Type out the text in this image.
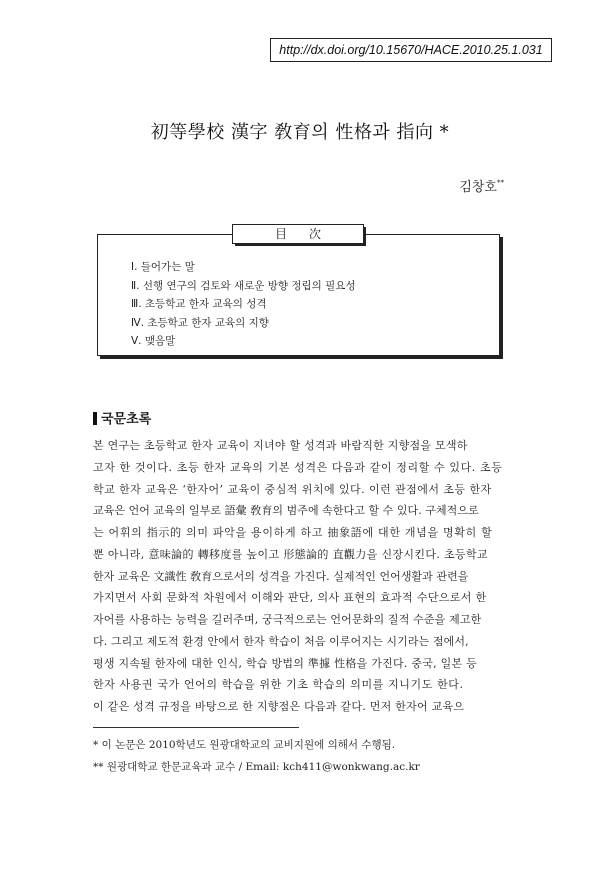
http://dx.doi.org/10.15670/HACE.2010.25.1.031
初等學校 漢字 敎育의 性格과 指向 *
김창호**
目次
Ⅰ. 들어가는 말
Ⅱ. 선행 연구의 검토와 새로운 방향 정립의 필요성
Ⅲ. 초등학교 한자 교육의 성격
Ⅳ. 초등학교 한자 교육의 지향
Ⅴ. 맺음말
국문초록
본 연구는 초등학교 한자 교육이 지녀야 할 성격과 바람직한 지향점을 모색하
고자 한 것이다. 초등 한자 교육의 기본 성격은 다음과 같이 정리할 수 있다. 초등
학교 한자 교육은 ‘한자어’ 교육이 중심적 위치에 있다. 이런 관점에서 초등 한자
교육은 언어 교육의 일부로 語彙 敎育의 범주에 속한다고 할 수 있다. 구체적으로
는 어휘의 指示的 의미 파악을 용이하게 하고 抽象語에 대한 개념을 명확히 할
뿐 아니라, 意味論的 轉移度를 높이고 形態論的 直觀力을 신장시킨다. 초등학교
한자 교육은 文識性 敎育으로서의 성격을 가진다. 실제적인 언어생활과 관련을
가지면서 사회 문화적 차원에서 이해와 판단, 의사 표현의 효과적 수단으로서 한
자어를 사용하는 능력을 길러주며, 궁극적으로는 언어문화의 질적 수준을 제고한
다. 그리고 제도적 환경 안에서 한자 학습이 처음 이루어지는 시기라는 점에서,
평생 지속될 한자에 대한 인식, 학습 방법의 準據 性格을 가진다. 중국, 일본 등
한자 사용권 국가 언어의 학습을 위한 기초 학습의 의미를 지니기도 한다.
이 같은 성격 규정을 바탕으로 한 지향점은 다음과 같다. 먼저 한자어 교육으
* 이 논문은 2010학년도 원광대학교의 교비지원에 의해서 수행됨.
** 원광대학교 한문교육과 교수 / Email: kch411@wonkwang.ac.kr
